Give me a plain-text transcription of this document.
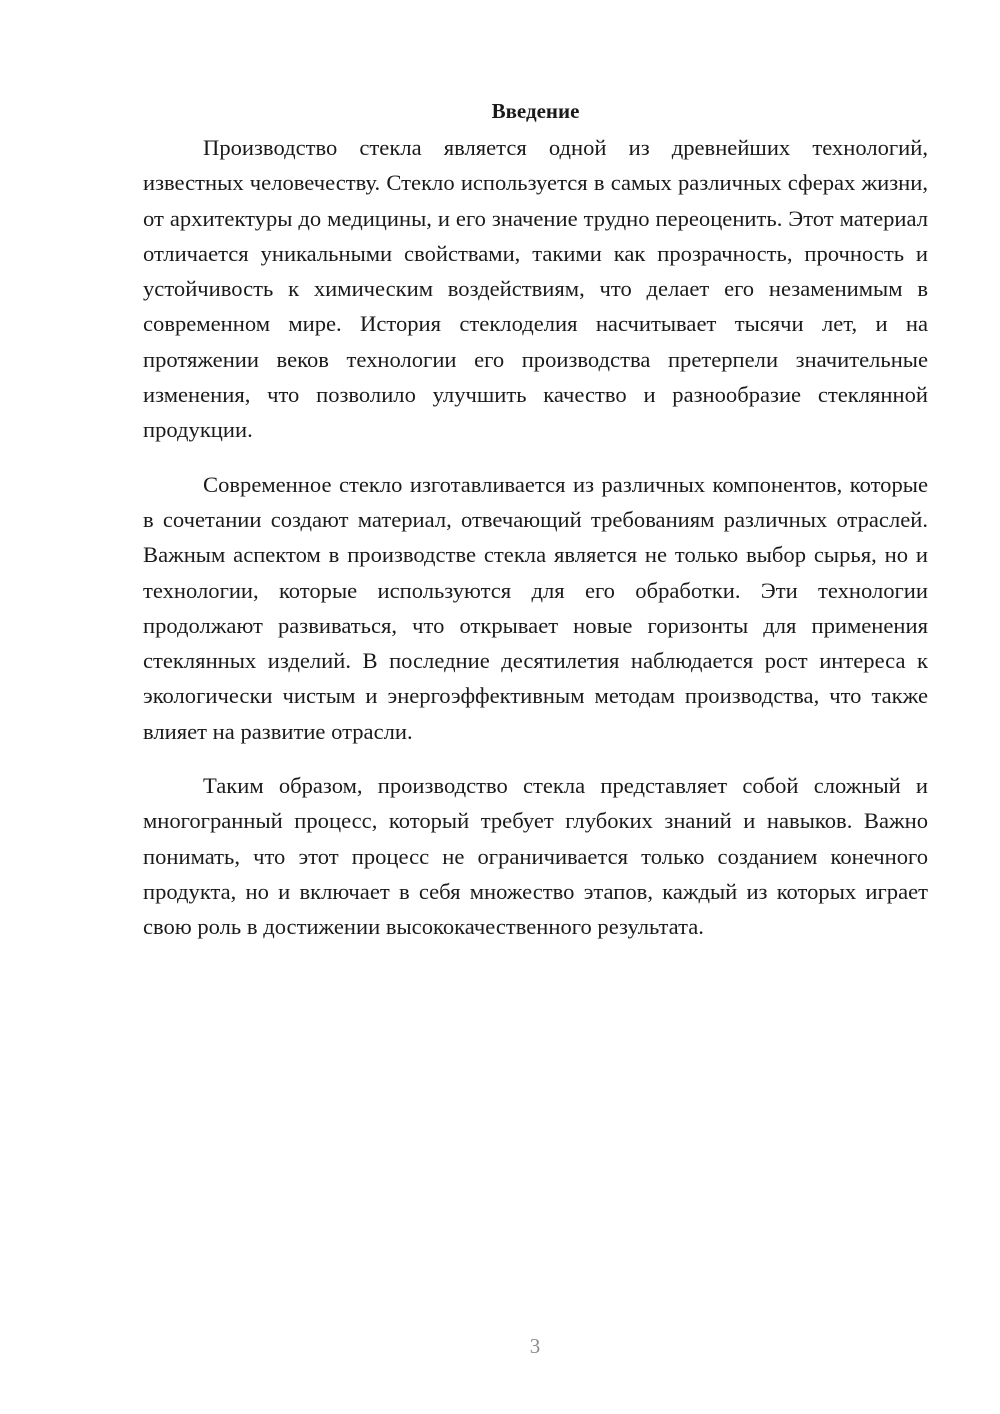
Введение

Производство стекла является одной из древнейших технологий, известных человечеству. Стекло используется в самых различных сферах жизни, от архитектуры до медицины, и его значение трудно переоценить. Этот материал отличается уникальными свойствами, такими как прозрачность, прочность и устойчивость к химическим воздействиям, что делает его незаменимым в современном мире. История стеклоделия насчитывает тысячи лет, и на протяжении веков технологии его производства претерпели значительные изменения, что позволило улучшить качество и разнообразие стеклянной продукции.

Современное стекло изготавливается из различных компонентов, которые в сочетании создают материал, отвечающий требованиям различных отраслей. Важным аспектом в производстве стекла является не только выбор сырья, но и технологии, которые используются для его обработки. Эти технологии продолжают развиваться, что открывает новые горизонты для применения стеклянных изделий. В последние десятилетия наблюдается рост интереса к экологически чистым и энергоэффективным методам производства, что также влияет на развитие отрасли.

Таким образом, производство стекла представляет собой сложный и многогранный процесс, который требует глубоких знаний и навыков. Важно понимать, что этот процесс не ограничивается только созданием конечного продукта, но и включает в себя множество этапов, каждый из которых играет свою роль в достижении высококачественного результата.

3
